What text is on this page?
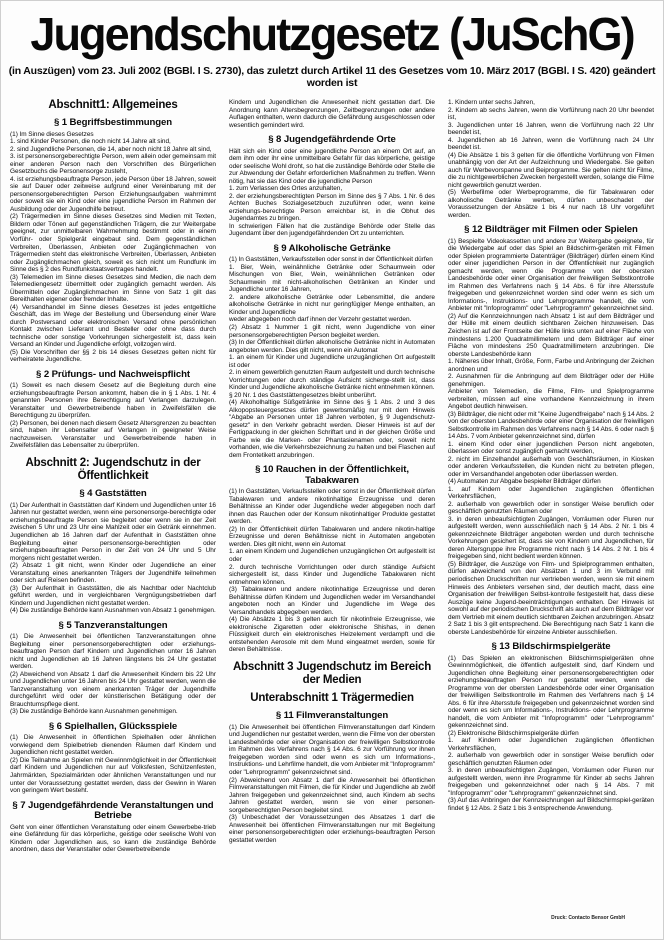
Jugendschutzgesetz (JuSchG)
(in Auszügen) vom 23. Juli 2002 (BGBl. I S. 2730), das zuletzt durch Artikel 11 des Gesetzes vom 10. März 2017 (BGBl. I S. 420) geändert worden ist
Abschnitt1: Allgemeines
§ 1 Begriffsbestimmungen

(1) Im Sinne dieses Gesetzes

1. sind Kinder Personen, die noch nicht 14 Jahre alt sind,

2. sind Jugendliche Personen, die 14, aber noch nicht 18 Jahre alt sind,

3. ist personensorgeberechtigte Person, wem allein oder gemeinsam mit einer anderen Person nach den Vorschriften des Bürgerlichen Gesetzbuchs die Personensorge zusteht,

4. ist erziehungsbeauftragte Person, jede Person über 18 Jahren, soweit sie auf Dauer oder zeitweise aufgrund einer Vereinbarung mit der personensorgeberechtigten Person Erziehungsaufgaben wahrnimmt oder soweit sie ein Kind oder eine jugendliche Person im Rahmen der Ausbildung oder der Jugendhilfe betreut.

(2) Trägermedien im Sinne dieses Gesetzes sind Medien mit Texten, Bildern oder Tönen auf gegenständlichen Trägern, die zur Weitergabe geeignet, zur unmittelbaren Wahrnehmung bestimmt oder in einem Vorführ- oder Spielgerät eingebaut sind. Dem gegenständlichen Verbreiten, Überlassen, Anbieten oder Zugänglichmachen von Trägermedien steht das elektronische Verbreiten, Überlassen, Anbieten oder Zugänglichmachen gleich, soweit es sich nicht um Rundfunk im Sinne des § 2 des Rundfunkstaatsvertrages handelt.

(3) Telemedien im Sinne dieses Gesetzes sind Medien, die nach dem Telemediengesetz übermittelt oder zugänglich gemacht werden. Als Übermitteln oder Zugänglichmachen im Sinne von Satz 1 gilt das Bereithalten eigener oder fremder Inhalte.

(4) Versandhandel im Sinne dieses Gesetzes ist jedes entgeltliche Geschäft, das im Wege der Bestellung und Übersendung einer Ware durch Postversand oder elektronischen Versand ohne persönlichen Kontakt zwischen Lieferant und Besteller oder ohne dass durch technische oder sonstige Vorkehrungen sichergestellt ist, dass kein Versand an Kinder und Jugendliche erfolgt, vollzogen wird.

(5) Die Vorschriften der §§ 2 bis 14 dieses Gesetzes gelten nicht für verheiratete Jugendliche.

§ 2 Prüfungs- und Nachweispflicht

(1) Soweit es nach diesem Gesetz auf die Begleitung durch eine erziehungsbeauftragte Person ankommt, haben die in § 1 Abs. 1 Nr. 4 genannten Personen ihre Berechtigung auf Verlangen darzulegen. Veranstalter und Gewerbetreibende haben in Zweifelsfällen die Berechtigung zu überprüfen.

(2) Personen, bei denen nach diesem Gesetz Altersgrenzen zu beachten sind, haben ihr Lebensalter auf Verlangen in geeigneter Weise nachzuweisen. Veranstalter und Gewerbetreibende haben in Zweifelsfällen das Lebensalter zu überprüfen.

Abschnitt 2: Jugendschutz in der Öffentlichkeit
§ 4 Gaststätten

(1) Der Aufenthalt in Gaststätten darf Kindern und Jugendlichen unter 16 Jahren nur gestattet werden, wenn eine personensorge-berechtigte oder erziehungsbeauftragte Person sie begleitet oder wenn sie in der Zeit zwischen 5 Uhr und 23 Uhr eine Mahlzeit oder ein Getränk einnehmen. Jugendlichen ab 16 Jahren darf der Aufenthalt in Gaststätten ohne Begleitung einer personensorge-berechtigten oder erziehungsbeauftragten Person in der Zeit von 24 Uhr und 5 Uhr morgens nicht gestattet werden.

(2) Absatz 1 gilt nicht, wenn Kinder oder Jugendliche an einer Veranstaltung eines anerkannten Trägers der Jugendhilfe teilnehmen oder sich auf Reisen befinden.

(3) Der Aufenthalt in Gaststätten, die als Nachtbar oder Nachtclub geführt werden, und in vergleichbaren Vergnügungsbetrieben darf Kindern und Jugendlichen nicht gestattet werden.

(4) Die zuständige Behörde kann Ausnahmen von Absatz 1 genehmigen.

§ 5 Tanzveranstaltungen

(1) Die Anwesenheit bei öffentlichen Tanzveranstaltungen ohne Begleitung einer personensorgeberechtigten oder erziehungs-beauftragten Person darf Kindern und Jugendlichen unter 16 Jahren nicht und Jugendlichen ab 16 Jahren längstens bis 24 Uhr gestattet werden.

(2) Abweichend von Absatz 1 darf die Anwesenheit Kindern bis 22 Uhr und Jugendlichen unter 16 Jahren bis 24 Uhr gestattet werden, wenn die Tanzveranstaltung von einem anerkannten Träger der Jugendhilfe durchgeführt wird oder der künstlerischen Betätigung oder der Brauchtumspflege dient.

(3) Die zuständige Behörde kann Ausnahmen genehmigen.

§ 6 Spielhallen, Glücksspiele

(1) Die Anwesenheit in öffentlichen Spielhallen oder ähnlichen vorwiegend dem Spielbetrieb dienenden Räumen darf Kindern und Jugendlichen nicht gestattet werden.

(2) Die Teilnahme an Spielen mit Gewinnmöglichkeit in der Öffentlichkeit darf Kindern und Jugendlichen nur auf Volksfesten, Schützenfesten, Jahrmärkten, Spezialmärkten oder ähnlichen Veranstaltungen und nur unter der Voraussetzung gestattet werden, dass der Gewinn in Waren von geringem Wert besteht.

§ 7 Jugendgefährdende Veranstaltungen und Betriebe

Geht von einer öffentlichen Veranstaltung oder einem Gewerbebe-trieb eine Gefährdung für das körperliche, geistige oder seelische Wohl von Kindern oder Jugendlichen aus, so kann die zuständige Behörde anordnen, dass der Veranstalter oder Gewerbetreibende

Kindern und Jugendlichen die Anwesenheit nicht gestatten darf. Die Anordnung kann Altersbegrenzungen, Zeitbegrenzungen oder andere Auflagen enthalten, wenn dadurch die Gefährdung ausgeschlossen oder wesentlich gemindert wird.

§ 8 Jugendgefährdende Orte

Hält sich ein Kind oder eine jugendliche Person an einem Ort auf, an dem ihm oder ihr eine unmittelbare Gefahr für das körperliche, geistige oder seelische Wohl droht, so hat die zuständige Behörde oder Stelle die zur Abwendung der Gefahr erforderlichen Maßnahmen zu treffen. Wenn nötig, hat sie das Kind oder die jugendliche Person

1. zum Verlassen des Ortes anzuhalten,

2. der erziehungsberechtigten Person im Sinne des § 7 Abs. 1 Nr. 6 des Achten Buches Sozialgesetzbuch zuzuführen oder, wenn keine erziehungs-berechtigte Person erreichbar ist, in die Obhut des Jugendamtes zu bringen.

In schwierigen Fällen hat die zuständige Behörde oder Stelle das Jugendamt über den jugendgefährdenden Ort zu unterrichten.

§ 9 Alkoholische Getränke

(1) In Gaststätten, Verkaufsstellen oder sonst in der Öffentlichkeit dürfen

1. Bier, Wein, weinähnliche Getränke oder Schaumwein oder Mischungen von Bier, Wein, weinähnlichen Getränken oder Schaumwein mit nicht-alkoholischen Getränken an Kinder und Jugendliche unter 16 Jahren,

2. andere alkoholische Getränke oder Lebensmittel, die andere alkoholische Getränke in nicht nur geringfügiger Menge enthalten, an Kinder und Jugendliche

weder abgegeben noch darf ihnen der Verzehr gestattet werden.

(2) Absatz 1 Nummer 1 gilt nicht, wenn Jugendliche von einer personensorgeberechtigten Person begleitet werden.

(3) In der Öffentlichkeit dürfen alkoholische Getränke nicht in Automaten angeboten werden. Dies gilt nicht, wenn ein Automat

1. an einem für Kinder und Jugendliche unzugänglichen Ort aufgestellt ist oder

2. in einem gewerblich genutzten Raum aufgestellt und durch technische Vorrichtungen oder durch ständige Aufsicht sicherge-stellt ist, dass Kinder und Jugendliche alkoholische Getränke nicht entnehmen können.

§ 20 Nr. 1 des Gaststättengesetzes bleibt unberührt.

(4) Alkoholhaltige Süßgetränke im Sinne des § 1 Abs. 2 und 3 des Alkopopsteuergesetzes dürfen gewerbsmäßig nur mit dem Hinweis "Abgabe an Personen unter 18 Jahren verboten, § 9 Jugendschutz-gesetz" in den Verkehr gebracht werden. Dieser Hinweis ist auf der Fertigpackung in der gleichen Schriftart und in der gleichen Größe und Farbe wie die Marken- oder Phantasienamen oder, soweit nicht vorhanden, wie die Verkehrsbezeichnung zu halten und bei Flaschen auf dem Frontetikett anzubringen.

§ 10 Rauchen in der Öffentlichkeit, Tabakwaren

(1) In Gaststätten, Verkaufsstellen oder sonst in der Öffentlichkeit dürfen Tabakwaren und andere nikotinhaltige Erzeugnisse und deren Behältnisse an Kinder oder Jugendliche weder abgegeben noch darf ihnen das Rauchen oder der Konsum nikotinhaltiger Produkte gestattet werden.

(2) In der Öffentlichkeit dürfen Tabakwaren und andere nikotin-haltige Erzeugnisse und deren Behältnisse nicht in Automaten angeboten werden. Dies gilt nicht, wenn ein Automat

1. an einem Kindern und Jugendlichen unzugänglichen Ort aufgestellt ist oder

2. durch technische Vorrichtungen oder durch ständige Aufsicht sichergestellt ist, dass Kinder und Jugendliche Tabakwaren nicht entnehmen können.

(3) Tabakwaren und andere nikotinhaltige Erzeugnisse und deren Behältnisse dürfen Kindern und Jugendlichen weder im Versandhandel angeboten noch an Kinder und Jugendliche im Wege des Versandhandels abgegeben werden.

(4) Die Absätze 1 bis 3 gelten auch für nikotinfreie Erzeugnisse, wie elektronische Zigaretten oder elektronische Shishas, in denen Flüssigkeit durch ein elektronisches Heizelement verdampft und die entstehenden Aerosole mit dem Mund eingeatmet werden, sowie für deren Behältnisse.

Abschnitt 3 Jugendschutz im Bereich der Medien
Unterabschnitt 1 Trägermedien
§ 11 Filmveranstaltungen

(1) Die Anwesenheit bei öffentlichen Filmveranstaltungen darf Kindern und Jugendlichen nur gestattet werden, wenn die Filme von der obersten Landesbehörde oder einer Organisation der freiwilligen Selbstkontrolle im Rahmen des Verfahrens nach § 14 Abs. 6 zur Vorführung vor ihnen freigegeben worden sind oder wenn es sich um Informations-, Instruktions- und Lehrfilme handelt, die vom Anbieter mit "Infoprogramm" oder "Lehrprogramm" gekennzeichnet sind.

(2) Abweichend von Absatz 1 darf die Anwesenheit bei öffentlichen Filmveranstaltungen mit Filmen, die für Kinder und Jugendliche ab zwölf Jahren freigegeben und gekennzeichnet sind, auch Kindern ab sechs Jahren gestattet werden, wenn sie von einer personen-sorgeberechtigten Person begleitet sind.

(3) Unbeschadet der Voraussetzungen des Absatzes 1 darf die Anwesenheit bei öffentlichen Filmveranstaltungen nur mit Begleitung einer personensorgeberechtigten oder erziehungs-beauftragten Person gestattet werden

1. Kindern unter sechs Jahren,

2. Kindern ab sechs Jahren, wenn die Vorführung nach 20 Uhr beendet ist,

3. Jugendlichen unter 16 Jahren, wenn die Vorführung nach 22 Uhr beendet ist,

4. Jugendlichen ab 16 Jahren, wenn die Vorführung nach 24 Uhr beendet ist.

(4) Die Absätze 1 bis 3 gelten für die öffentliche Vorführung von Filmen unabhängig von der Art der Aufzeichnung und Wiedergabe. Sie gelten auch für Werbevorspanne und Beiprogramme. Sie gelten nicht für Filme, die zu nichtgewerblichen Zwecken hergestellt werden, solange die Filme nicht gewerblich genutzt werden.

(5) Werbefilme oder Werbeprogramme, die für Tabakwaren oder alkoholische Getränke werben, dürfen unbeschadet der Voraussetzungen der Absätze 1 bis 4 nur nach 18 Uhr vorgeführt werden.

§ 12 Bildträger mit Filmen oder Spielen

(1) Bespielte Videokassetten und andere zur Weitergabe geeignete, für die Wiedergabe auf oder das Spiel an Bildschirm-geräten mit Filmen oder Spielen programmierte Datenträger (Bildträger) dürfen einem Kind oder einer jugendlichen Person in der Öffentlichkeit nur zugänglich gemacht werden, wenn die Programme von der obersten Landesbehörde oder einer Organisation der freiwilligen Selbstkontrolle im Rahmen des Verfahrens nach § 14 Abs. 6 für ihre Altersstufe freigegeben und gekennzeichnet worden sind oder wenn es sich um Informations-, Instruktions- und Lehrprogramme handelt, die vom Anbieter mit "Infoprogramm" oder "Lehrprogramm" gekennzeichnet sind.

(2) Auf die Kennzeichnungen nach Absatz 1 ist auf dem Bildträger und der Hülle mit einem deutlich sichtbaren Zeichen hinzuweisen. Das Zeichen ist auf der Frontseite der Hülle links unten auf einer Fläche von mindestens 1.200 Quadratmillimetern und dem Bildträger auf einer Fläche von mindestens 250 Quadratmillimetern anzubringen. Die oberste Landesbehörde kann

1. Näheres über Inhalt, Größe, Form, Farbe und Anbringung der Zeichen anordnen und

2. Ausnahmen für die Anbringung auf dem Bildträger oder der Hülle genehmigen.

Anbieter von Telemedien, die Filme, Film- und Spielprogramme verbreiten, müssen auf eine vorhandene Kennzeichnung in ihrem Angebot deutlich hinweisen.

(3) Bildträger, die nicht oder mit "Keine Jugendfreigabe" nach § 14 Abs. 2 von der obersten Landesbehörde oder einer Organisation der freiwilligen Selbstkontrolle im Rahmen des Verfahrens nach § 14 Abs. 6 oder nach § 14 Abs. 7 vom Anbieter gekennzeichnet sind, dürfen

1. einem Kind oder einer jugendlichen Person nicht angeboten, überlassen oder sonst zugänglich gemacht werden,

2. nicht im Einzelhandel außerhalb von Geschäftsräumen, in Kiosken oder anderen Verkaufsstellen, die Kunden nicht zu betreten pflegen, oder im Versandhandel angeboten oder überlassen werden.

(4) Automaten zur Abgabe bespielter Bildträger dürfen

1. auf Kindern oder Jugendlichen zugänglichen öffentlichen Verkehrsflächen,

2. außerhalb von gewerblich oder in sonstiger Weise beruflich oder geschäftlich genutzten Räumen oder

3. in deren unbeaufsichtigten Zugängen, Vorräumen oder Fluren nur aufgestellt werden, wenn ausschließlich nach § 14 Abs. 2 Nr. 1 bis 4 gekennzeichnete Bildträger angeboten werden und durch technische Vorkehrungen gesichert ist, dass sie von Kindern und Jugendlichen, für deren Altersgruppe ihre Programme nicht nach § 14 Abs. 2 Nr. 1 bis 4 freigegeben sind, nicht bedient werden können.

(5) Bildträger, die Auszüge von Film- und Spielprogrammen enthalten, dürfen abweichend von den Absätzen 1 und 3 im Verbund mit periodischen Druckschriften nur vertrieben werden, wenn sie mit einem Hinweis des Anbieters versehen sind, der deutlich macht, dass eine Organisation der freiwilligen Selbst-kontrolle festgestellt hat, dass diese Auszüge keine Jugend-beeinträchtigungen enthalten. Der Hinweis ist sowohl auf der periodischen Druckschrift als auch auf dem Bildträger vor dem Vertrieb mit einem deutlich sichtbaren Zeichen anzubringen. Absatz 2 Satz 1 bis 3 gilt entsprechend. Die Berechtigung nach Satz 1 kann die oberste Landesbehörde für einzelne Anbieter ausschließen.

§ 13 Bildschirmspielgeräte

(1) Das Spielen an elektronischen Bildschirmspielgeräten ohne Gewinnmöglichkeit, die öffentlich aufgestellt sind, darf Kindern und Jugendlichen ohne Begleitung einer personensorgeberechtigten oder erziehungsbeauftragten Person nur gestattet werden, wenn die Programme von der obersten Landesbehörde oder einer Organisation der freiwilligen Selbstkontrolle im Rahmen des Verfahrens nach § 14 Abs. 6 für ihre Altersstufe freigegeben und gekennzeichnet worden sind oder wenn es sich um Informations-, Instruktions- oder Lehrprogramme handelt, die vom Anbieter mit "Infoprogramm" oder "Lehrprogramm" gekennzeichnet sind.

(2) Elektronische Bildschirmspielgeräte dürfen

1. auf Kindern oder Jugendlichen zugänglichen öffentlichen Verkehrsflächen,

2. außerhalb von gewerblich oder in sonstiger Weise beruflich oder geschäftlich genutzten Räumen oder

3. in deren unbeaufsichtigten Zugängen, Vorräumen oder Fluren nur aufgestellt werden, wenn ihre Programme für Kinder ab sechs Jahren freigegeben und gekennzeichnet oder nach § 14 Abs. 7 mit "Infoprogramm" oder "Lehrprogramm" gekennzeichnet sind.

(3) Auf das Anbringen der Kennzeichnungen auf Bildschirmspiel-geräten findet § 12 Abs. 2 Satz 1 bis 3 entsprechende Anwendung.

Druck: Contacto Bensor GmbH
